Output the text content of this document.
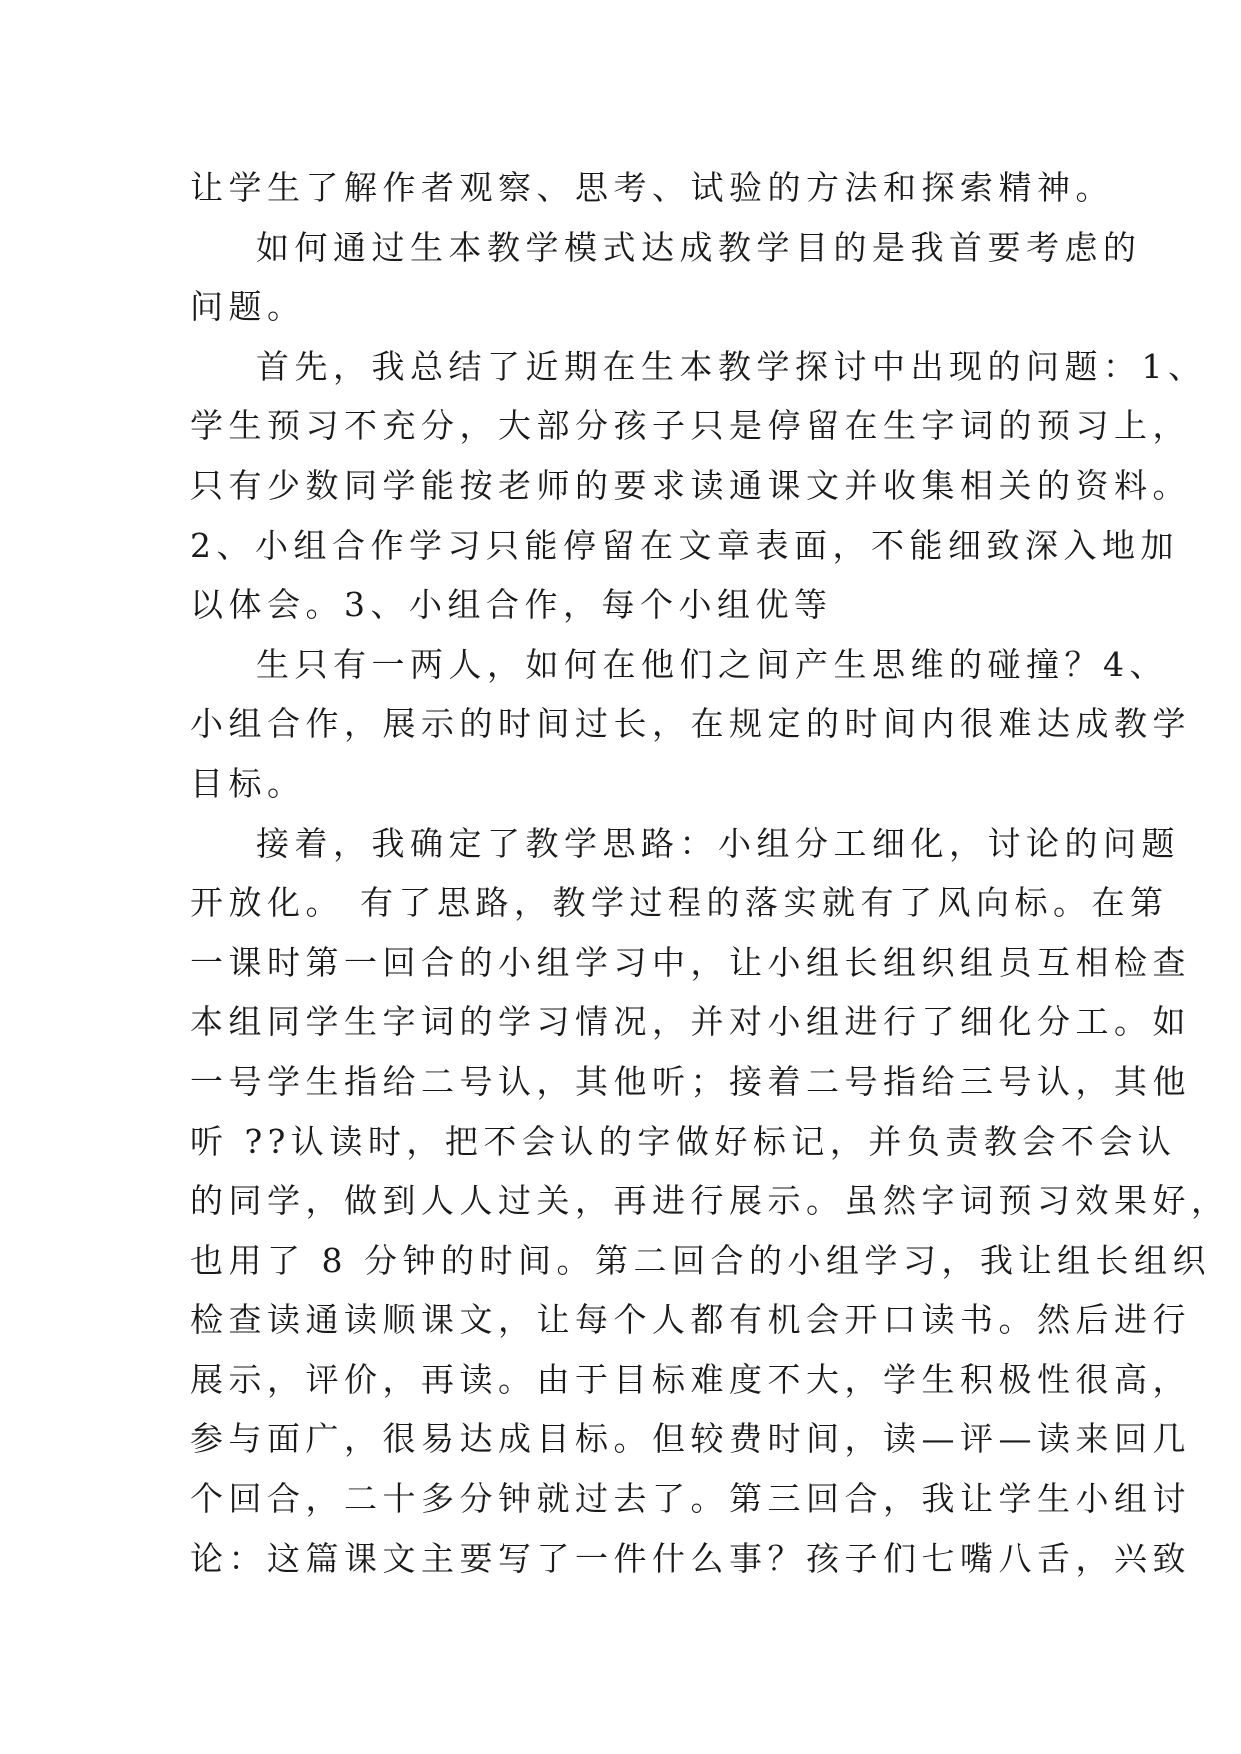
让学生了解作者观察、思考、试验的方法和探索精神。
如何通过生本教学模式达成教学目的是我首要考虑的
问题。
首先，我总结了近期在生本教学探讨中出现的问题：1、
学生预习不充分，大部分孩子只是停留在生字词的预习上，
只有少数同学能按老师的要求读通课文并收集相关的资料。
2、小组合作学习只能停留在文章表面，不能细致深入地加
以体会。3、小组合作，每个小组优等
生只有一两人，如何在他们之间产生思维的碰撞？4、
小组合作，展示的时间过长，在规定的时间内很难达成教学
目标。
接着，我确定了教学思路：小组分工细化，讨论的问题
开放化。 有了思路，教学过程的落实就有了风向标。在第
一课时第一回合的小组学习中，让小组长组织组员互相检查
本组同学生字词的学习情况，并对小组进行了细化分工。如
一号学生指给二号认，其他听；接着二号指给三号认，其他
听 ??认读时，把不会认的字做好标记，并负责教会不会认
的同学，做到人人过关，再进行展示。虽然字词预习效果好，
也用了 8 分钟的时间。第二回合的小组学习，我让组长组织
检查读通读顺课文，让每个人都有机会开口读书。然后进行
展示，评价，再读。由于目标难度不大，学生积极性很高，
参与面广，很易达成目标。但较费时间，读—评—读来回几
个回合，二十多分钟就过去了。第三回合，我让学生小组讨
论：这篇课文主要写了一件什么事？孩子们七嘴八舌，兴致
